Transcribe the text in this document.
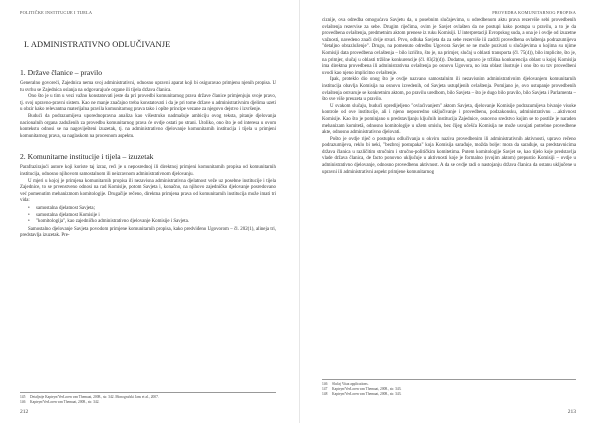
POLITIČKE INSTITUCIJE I TIJELA
I. ADMINISTRATIVNO ODLUČIVANJE
1. Države članice – pravilo

Generalno govoreći, Zajednica nema svoj administrativni, odnosno upravni aparat koji bi osiguravao primjenu njenih propisa. U tu svrhu se Zajednica oslanja na odgovarajuće organe ili tijela država članica.

Ono što je u tim u vezi važno konstatovati jeste da pri provedbi komunitarnog prava države članice primjenjuju svoje pravo, tj. svoj upravno-pravni sistem. Kao ne manje značajno treba konstatovati i da je pri tome države u administrativnim djelima uzeti u obzir kako relevantna materijalna pravila komunitarnog prava tako i opšte principe vezane za njegovo dejstvo i izvršenje.

Budući da podrazumijeva uporednopravna analiza kao višestruko nadmašuje ambiciju ovog teksta, pitanje djelovanja nacionalnih organa zaduženih za provedbu komunitarnog prava će ovdje ostati po strani. Utoliko, ono što je od interesa u ovom kontekstu odnosi se na nagoviješteni izuzetak, tj. na administrativno djelovanje komunitarnih institucija i tijela u primjeni komunitarnog prava, sa naglaskom na procesnom aspektu.

2. Komunitarne institucije i tijela – izuzetak

Parafrazirajući autore koji koriste taj izraz, reći je u neposrednoj ili direktnoj primjeni komunitarnih propisa od komunitarnih institucija, odnosno njihovom samostalnom ili neizravnom administrativnom djelovanju.

U mjeri u kojoj je primjena komunitarnih propisa ili nezavisna administrativna djelatnost veže uz posebne institucije i tijela Zajednice, to se prvenstveno odnosi na rad Komisije, potom Savjeta i, konačno, na njihovo zajedničko djelovanje posredovano već pomenutim mehanizmom komitologije. Drugačije rečeno, direktna primjena prava od komunitarnih institucija može imati tri vida:

• samostalna djelatnost Savjeta;
• samostalna djelatnost Komisije i
• "komitologija", kao zajedničko administrativno djelovanje Komisije i Savjeta.

Samostalno djelovanje Savjeta povodom primjene komunitarnih propisa, kako predviđeno Ugovorom – čl. 202(1), alineja tri, predstavlja izuzetak. Pre-

145 Detaljnije Kapteyn/VerLoren van Themaat, 2008., str. 342. Monografski Jans et al., 2007.
146 Kapteyn/VerLoren van Themaat, 2008., str. 342.
212
PROVEDBA KOMUNITARNOG PROPISA

cizniјe, ova odredba omogućava Savjetu da, u posebnim slučajevima, u odredbenom aktu prava rezerviše sebi provedbenih ovlaštenja rezervise za sebe. Drugim riječima, ovim je Savjet ovlašten da ne postupi kako postupa u pravilu, a to je da provedbena ovlaštenja, predmetnim aktom prenese iz ruku Komisiji. U interpretaciji Evropskog suda, a ona je i ovdje od izuzetne važnosti, navedeno znači dvije stvari. Prvo, odluka Savjeta da za sebe rezerviše iii zadrži provedbena ovlaštenja podrazumijeva "detaljno obrazloženje". Drugo, na pomenuto odredbu Ugovora Savjet se ne može pozivati u slučajevima u kojima su njime Komisiji data provedbena ovlaštenja – bilo izričito, što je, na primjer, slučaj u oblasti transporta (čl. 75(4)), bilo implicite, što je, na primjer, slučaj u oblasti tržišne konkurencije (čl. 83(2)(d)). Dodatno, upravo je tržišna konkurencija oblast u kojoj Komisija ima direktna provedbena ili administrativna ovlaštenja po osnovu Ugovora, no ista oblast ilustruje i ono što su tzv provedbeni uvodi kao njeno implicitno ovlaštenje.

Ipak, proteklo dio onog što je ovdje nazvano samostalnim ili nezavisnim administrativnim djelovanjem komunitarnih institucija obavlja Komisija na osnovu izvedenih, od Savjeta ustupljenih ovlaštenja. Pomiјano je, ovo ustupanje provedbenih ovlaštenja ostvaruje se konkretnim aktom, po pravilu uredbom, bilo Savjeta – što je dugo bilo pravilo, bilo Savjeta i Parlamenta – što sve više preuzeta u pravilo.

U svakom slučaju, budući opredijeljeno "ovlaćivanjem" aktom Savjeta, djelovanje Komisije podrazumijeva bivanje visoke kontrole od ove institucije, ali i njeno neposredno uključivanje i provedbenu, podzakonsku, administrativnu …aktivnost Komisije. Kao što je pominjano u predstavljanju ključnih institucija Zajednice, osnovno sredstvo kojim se to postiže je naraden mehanizam komitetā, odnosno komitologije u užem smislu, bez čijeg učešća Komisija ne može usvajati potrebne provedbene akte, odnosno administrativno djelovati.

Pošto je ovdje riječ o postupku odlučivanja u okviru naziva provedbenim ili administrativnih aktivnosti, upravo rečeno podrazumijeva, reklo bi neki, "bezbroj postupaka" koja Komisija sarađuje, možda bolje: mora da sarađuje, sa predstavnicima država članica u različitim stručnim i stručno-političkim komitetima. Putem komitologije Savjet se, kao tijelo koje predstavlja vlade država članica, de facto ponovno uključuje u aktivnosti koje je formalno (svojim aktom) prepustio Komisiji – ovdje u administrativno djelovanje, odnosno provedbenu aktivnost. A da se ovdje radi o nastojanju država članica da ostanu uključene u upravni ili administrativni aspekt primjene komunitarnog

146 Slučaj Vitaa applications.
147 Kapteyn/VerLoren van Themaat, 2008., str. 343.
148 Kapteyn/VerLoren van Themaat, 2008., str. 343.
213
